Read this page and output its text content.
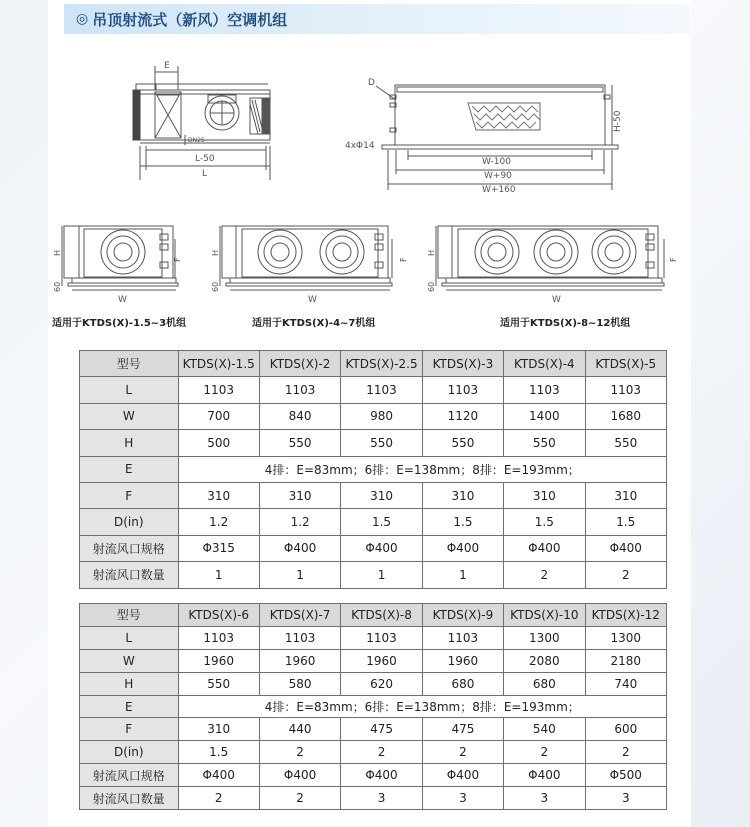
◎ 吊顶射流式（新风）空调机组
E
DN25
L-50
L
D
4xΦ14
H-50
W-100
W+90
W+160
H
F
60
W
适用于KTDS(X)-1.5~3机组
H
F
60
W
适用于KTDS(X)-4~7机组
H
F
60
W
适用于KTDS(X)-8~12机组
型号	KTDS(X)-1.5	KTDS(X)-2	KTDS(X)-2.5	KTDS(X)-3	KTDS(X)-4	KTDS(X)-5
L	1103	1103	1103	1103	1103	1103
W	700	840	980	1120	1400	1680
H	500	550	550	550	550	550
E	4排：E=83mm；6排：E=138mm；8排：E=193mm；					
F	310	310	310	310	310	310
D(in)	1.2	1.2	1.5	1.5	1.5	1.5
射流风口规格	Φ315	Φ400	Φ400	Φ400	Φ400	Φ400
射流风口数量	1	1	1	1	2	2
型号	KTDS(X)-6	KTDS(X)-7	KTDS(X)-8	KTDS(X)-9	KTDS(X)-10	KTDS(X)-12
L	1103	1103	1103	1103	1300	1300
W	1960	1960	1960	1960	2080	2180
H	550	580	620	680	680	740
E	4排：E=83mm；6排：E=138mm；8排：E=193mm；					
F	310	440	475	475	540	600
D(in)	1.5	2	2	2	2	2
射流风口规格	Φ400	Φ400	Φ400	Φ400	Φ400	Φ500
射流风口数量	2	2	3	3	3	3
